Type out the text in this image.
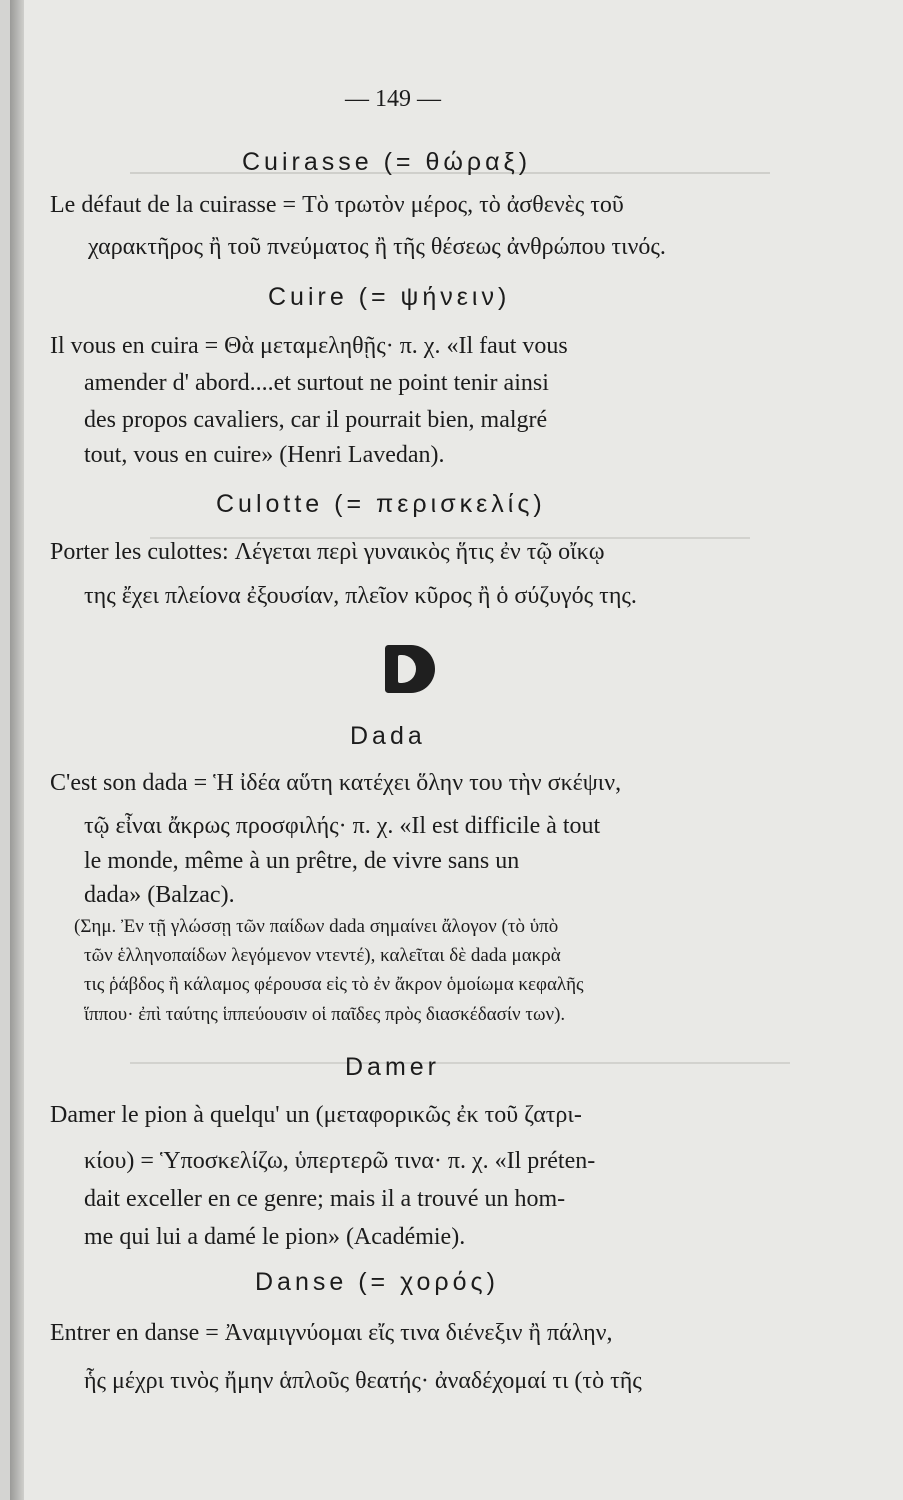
— 149 —
Cuirasse (= θώραξ)
Le défaut de la cuirasse = Τὸ τρωτὸν μέρος, τὸ ἀσθενὲς τοῦ
χαρακτῆρος ἢ τοῦ πνεύματος ἢ τῆς θέσεως ἀνθρώπου τινός.
Cuire (= ψήνειν)
Il vous en cuira = Θὰ μεταμεληθῇς· π. χ. «Il faut vous
amender d' abord....et surtout ne point tenir ainsi
des propos cavaliers, car il pourrait bien, malgré
tout, vous en cuire» (Henri Lavedan).
Culotte (= περισκελίς)
Porter les culottes: Λέγεται περὶ γυναικὸς ἥτις ἐν τῷ οἴκῳ
της ἔχει πλείονα ἐξουσίαν, πλεῖον κῦρος ἢ ὁ σύζυγός της.
Dada
C'est son dada = Ἡ ἰδέα αὕτη κατέχει ὅλην του τὴν σκέψιν,
τῷ εἶναι ἄκρως προσφιλής· π. χ. «Il est difficile à tout
le monde, même à un prêtre, de vivre sans un
dada» (Balzac).
(Σημ. Ἐν τῇ γλώσσῃ τῶν παίδων dada σημαίνει ἄλογον (τὸ ὑπὸ
τῶν ἑλληνοπαίδων λεγόμενον ντεντέ), καλεῖται δὲ dada μακρὰ
τις ῥάβδος ἢ κάλαμος φέρουσα εἰς τὸ ἐν ἄκρον ὁμοίωμα κεφαλῆς
ἵππου· ἐπὶ ταύτης ἱππεύουσιν οἱ παῖδες πρὸς διασκέδασίν των).
Damer
Damer le pion à quelqu' un (μεταφορικῶς ἐκ τοῦ ζατρι-
κίου) = Ὑποσκελίζω, ὑπερτερῶ τινα· π. χ. «Il préten-
dait exceller en ce genre; mais il a trouvé un hom-
me qui lui a damé le pion» (Académie).
Danse (= χορός)
Entrer en danse = Ἀναμιγνύομαι εἴς τινα διένεξιν ἢ πάλην,
ἧς μέχρι τινὸς ἤμην ἁπλοῦς θεατής· ἀναδέχομαί τι (τὸ τῆς
